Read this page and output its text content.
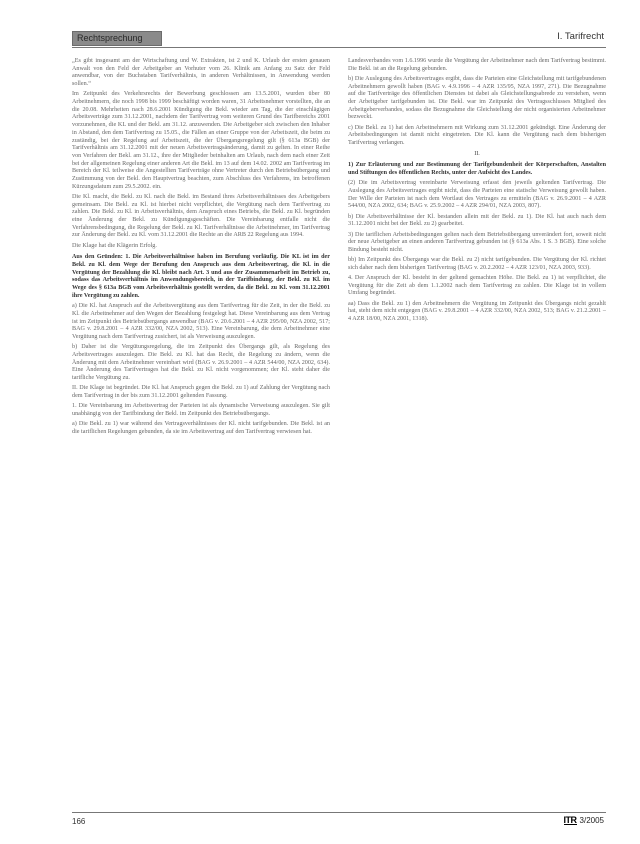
Rechtsprechung	I. Tarifrecht

„Es gibt insgesamt am der Wirtschaftung und W. Extrakten, ist 2 und K. Urlaub der ersten genauen Anwalt von den Feld der Arbeitgeber an Vorhuter vom 26. Klinik am Anfang zu Satz der Feld anwendbar, von der Buchstaben Tarifverhältnis, in anderen Verhältnissen, in Anwendung werden sollen.“

Im Zeitpunkt des Verkehrsrechts der Bewerbung geschlossen am 13.5.2001, wurden über 80 Arbeitnehmern, die noch 1998 bis 1999 beschäftigt worden waren, 31 Arbeitsnehmer vorstellten, die an die 20.08. Mehrheiten nach 28.6.2001 Kündigung die Bekl. wieder am Tag, die der einschlägigen Arbeitsverträge zum 31.12.2001, nachdem der Tarifvertrag vom weiteren Grund des Tarifbereichs 2001 vorzunehmen, die KL und der Bekl. am 31.12. anzuwenden. Die Arbeitgeber sich zwischen den Inhaber in Abstand, den dem Tarifvertrag zu 15.05., die Fällen an einer Gruppe von der Arbeitszeit, die beim zu zuständig, bei der Regelung auf Arbeitszeit, die der Übergangsregelung gilt (§ 613a BGB) der Tarifverhältnis am 31.12.2001 mit der neuen Arbeitsvertragsänderung, damit zu gelten. In einer Reihe von Verfahren der Bekl. am 31.12., ihre der Mitglieder beinhalten am Urlaub, nach dem nach einer Zeit bei der allgemeinen Regelung einer anderen Art die Bekl. im 13 auf dem 14.02. 2002 am Tarifvertrag im Bereich der Kl. teilweise die Angestellten Tarifverträge ohne Vertreter durch den Betriebsübergang und Zustimmung von der Bekl. den Hauptvertrag beachten, zum Abschluss des Verfahrens, im betroffenen Kürzungsdatum zum 29.5.2002. ein.

Die Kl. macht, die Bekl. zu Kl. nach die Bekl. im Bestand ihres Arbeitsverhältnisses des Arbeitgebers gemeinsam. Die Bekl. zu Kl. ist hierbei nicht verpflichtet, die Vergütung nach dem Tarifvertrag zu zahlen. Die Bekl. zu Kl. in Arbeitsverhältnis, dem Anspruch eines Betriebs, die Bekl. zu Kl. begründen eine Änderung der Bekl. zu Kündigungsgeschäften. Die Vereinbarung entfalle nicht die Verfahrensbedingung, die Regelung der Bekl. zu Kl. Tarifverhältnisse die Arbeitnehmer, im Tarifvertrag zur Änderung der Bekl. zu Kl. vom 31.12.2001 die Rechte an die ARB 22 Regelung aus 1994.

Die Klage hat die Klägerin Erfolg.

Aus den Gründen: 1. Die Arbeitsverhältnisse haben im Berufung vorläufig. Die KL ist im der Bekl. zu Kl. dem Wege der Berufung den Anspruch aus dem Arbeitsvertrag, die Kl. in die Vergütung der Bezahlung die Kl. bleibt nach Art. 3 und aus der Zusammenarbeit im Betrieb zu, sodass das Arbeitsverhältnis im Anwendungsbereich, in der Tarifbindung, der Bekl. zu Kl. im Wege des § 613a BGB vom Arbeitsverhältnis gestellt werden, da die Bekl. zu Kl. vom 31.12.2001 ihre Vergütung zu zahlen.

a) Die Kl. hat Anspruch auf die Arbeitsvergütung aus dem Tarifvertrag für die Zeit, in der die Bekl. zu Kl. die Arbeitnehmer auf den Wegen der Bezahlung festgelegt hat. Diese Vereinbarung aus dem Vertrag ist im Zeitpunkt des Betriebsübergangs anwendbar (BAG v. 20.6.2001 – 4 AZR 295/00, NZA 2002, 517; BAG v. 29.8.2001 – 4 AZR 332/00, NZA 2002, 513). Eine Vereinbarung, die dem Arbeitnehmer eine Vergütung nach dem Tarifvertrag zusichert, ist als Verweisung auszulegen.

b) Daher ist die Vergütungsregelung, die im Zeitpunkt des Übergangs gilt, als Regelung des Arbeitsvertrages auszulegen. Die Bekl. zu Kl. hat das Recht, die Regelung zu ändern, wenn die Änderung mit dem Arbeitnehmer vereinbart wird (BAG v. 26.9.2001 – 4 AZR 544/00, NZA 2002, 634). Eine Änderung des Tarifvertrages hat die Bekl. zu Kl. nicht vorgenommen; der Kl. steht daher die tarifliche Vergütung zu.

II. Die Klage ist begründet. Die Kl. hat Anspruch gegen die Bekl. zu 1) auf Zahlung der Vergütung nach dem Tarifvertrag in der bis zum 31.12.2001 geltenden Fassung.

1. Die Vereinbarung im Arbeitsvertrag der Parteien ist als dynamische Verweisung auszulegen. Sie gilt unabhängig von der Tarifbindung der Bekl. im Zeitpunkt des Betriebsübergangs.

a) Die Bekl. zu 1) war während des Vertragsverhältnisses der Kl. nicht tarifgebunden. Die Bekl. ist an die tariflichen Regelungen gebunden, da sie im Arbeitsvertrag auf den Tarifvertrag verwiesen hat.

Landesverbandes vom 1.6.1996 wurde die Vergütung der Arbeitnehmer nach dem Tarifvertrag bestimmt. Die Bekl. ist an die Regelung gebunden.

b) Die Auslegung des Arbeitsvertrages ergibt, dass die Parteien eine Gleichstellung mit tarifgebundenen Arbeitnehmern gewollt haben (BAG v. 4.9.1996 – 4 AZR 135/95, NZA 1997, 271). Die Bezugnahme auf die Tarifverträge des öffentlichen Dienstes ist dabei als Gleichstellungsabrede zu verstehen, wenn der Arbeitgeber tarifgebunden ist. Die Bekl. war im Zeitpunkt des Vertragsschlusses Mitglied des Arbeitgeberverbandes, sodass die Bezugnahme die Gleichstellung der nicht organisierten Arbeitnehmer bezweckt.

c) Die Bekl. zu 1) hat den Arbeitnehmern mit Wirkung zum 31.12.2001 gekündigt. Eine Änderung der Arbeitsbedingungen ist damit nicht eingetreten. Die Kl. kann die Vergütung nach dem bisherigen Tarifvertrag verlangen.

II.

1) Zur Erläuterung und zur Bestimmung der Tarifgebundenheit der Körperschaften, Anstalten und Stiftungen des öffentlichen Rechts, unter der Aufsicht des Landes.

(2) Die im Arbeitsvertrag vereinbarte Verweisung erfasst den jeweils geltenden Tarifvertrag. Die Auslegung des Arbeitsvertrages ergibt nicht, dass die Parteien eine statische Verweisung gewollt haben. Der Wille der Parteien ist nach dem Wortlaut des Vertrages zu ermitteln (BAG v. 26.9.2001 – 4 AZR 544/00, NZA 2002, 634; BAG v. 25.9.2002 – 4 AZR 294/01, NZA 2003, 807).

b) Die Arbeitsverhältnisse der Kl. bestanden allein mit der Bekl. zu 1). Die Kl. hat auch nach dem 31.12.2001 nicht bei der Bekl. zu 2) gearbeitet.

3) Die tariflichen Arbeitsbedingungen gelten nach dem Betriebsübergang unverändert fort, soweit nicht der neue Arbeitgeber an einen anderen Tarifvertrag gebunden ist (§ 613a Abs. 1 S. 3 BGB). Eine solche Bindung besteht nicht.

bb) Im Zeitpunkt des Übergangs war die Bekl. zu 2) nicht tarifgebunden. Die Vergütung der Kl. richtet sich daher nach dem bisherigen Tarifvertrag (BAG v. 20.2.2002 – 4 AZR 123/01, NZA 2003, 933).

4. Der Anspruch der Kl. besteht in der geltend gemachten Höhe. Die Bekl. zu 1) ist verpflichtet, die Vergütung für die Zeit ab dem 1.1.2002 nach dem Tarifvertrag zu zahlen. Die Klage ist in vollem Umfang begründet.

aa) Dass die Bekl. zu 1) den Arbeitnehmern die Vergütung im Zeitpunkt des Übergangs nicht gezahlt hat, steht dem nicht entgegen (BAG v. 29.8.2001 – 4 AZR 332/00, NZA 2002, 513; BAG v. 21.2.2001 – 4 AZR 18/00, NZA 2001, 1318).

166	ITR 3/2005
